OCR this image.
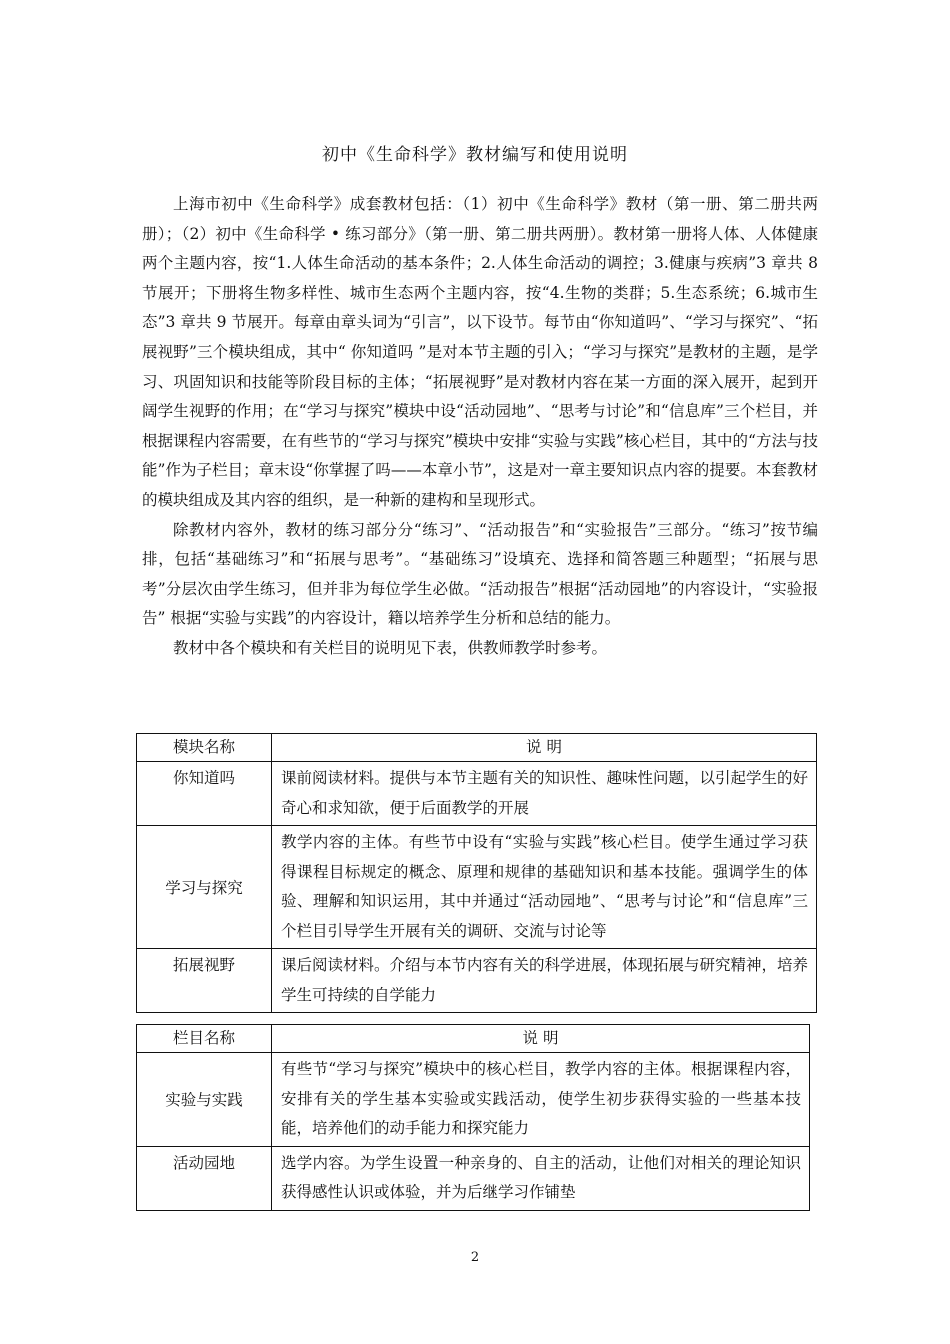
初中《生命科学》教材编写和使用说明

上海市初中《生命科学》成套教材包括：（1）初中《生命科学》教材（第一册、第二册共两册）；（2）初中《生命科学 • 练习部分》（第一册、第二册共两册）。教材第一册将人体、人体健康两个主题内容，按“1.人体生命活动的基本条件；2.人体生命活动的调控；3.健康与疾病”3 章共 8 节展开；下册将生物多样性、城市生态两个主题内容，按“4.生物的类群；5.生态系统；6.城市生态”3 章共 9 节展开。每章由章头词为“引言”，以下设节。每节由“你知道吗”、“学习与探究”、“拓展视野”三个模块组成，其中“ 你知道吗 ”是对本节主题的引入；“学习与探究”是教材的主题，是学习、巩固知识和技能等阶段目标的主体；“拓展视野”是对教材内容在某一方面的深入展开，起到开阔学生视野的作用；在“学习与探究”模块中设“活动园地”、“思考与讨论”和“信息库”三个栏目，并根据课程内容需要，在有些节的“学习与探究”模块中安排“实验与实践”核心栏目，其中的“方法与技能”作为子栏目；章末设“你掌握了吗——本章小节”，这是对一章主要知识点内容的提要。本套教材的模块组成及其内容的组织，是一种新的建构和呈现形式。

除教材内容外，教材的练习部分分“练习”、“活动报告”和“实验报告”三部分。“练习”按节编排，包括“基础练习”和“拓展与思考”。“基础练习”设填充、选择和简答题三种题型；“拓展与思考”分层次由学生练习，但并非为每位学生必做。“活动报告”根据“活动园地”的内容设计，“实验报告” 根据“实验与实践”的内容设计，籍以培养学生分析和总结的能力。

教材中各个模块和有关栏目的说明见下表，供教师教学时参考。

模块名称	说 明
你知道吗	课前阅读材料。提供与本节主题有关的知识性、趣味性问题，以引起学生的好奇心和求知欲，便于后面教学的开展
学习与探究	教学内容的主体。有些节中设有“实验与实践”核心栏目。使学生通过学习获得课程目标规定的概念、原理和规律的基础知识和基本技能。强调学生的体验、理解和知识运用，其中并通过“活动园地”、“思考与讨论”和“信息库”三个栏目引导学生开展有关的调研、交流与讨论等
拓展视野	课后阅读材料。介绍与本节内容有关的科学进展，体现拓展与研究精神，培养学生可持续的自学能力
栏目名称	说 明
实验与实践	有些节“学习与探究”模块中的核心栏目，教学内容的主体。根据课程内容，安排有关的学生基本实验或实践活动，使学生初步获得实验的一些基本技能，培养他们的动手能力和探究能力
活动园地	选学内容。为学生设置一种亲身的、自主的活动，让他们对相关的理论知识获得感性认识或体验，并为后继学习作铺垫
2
